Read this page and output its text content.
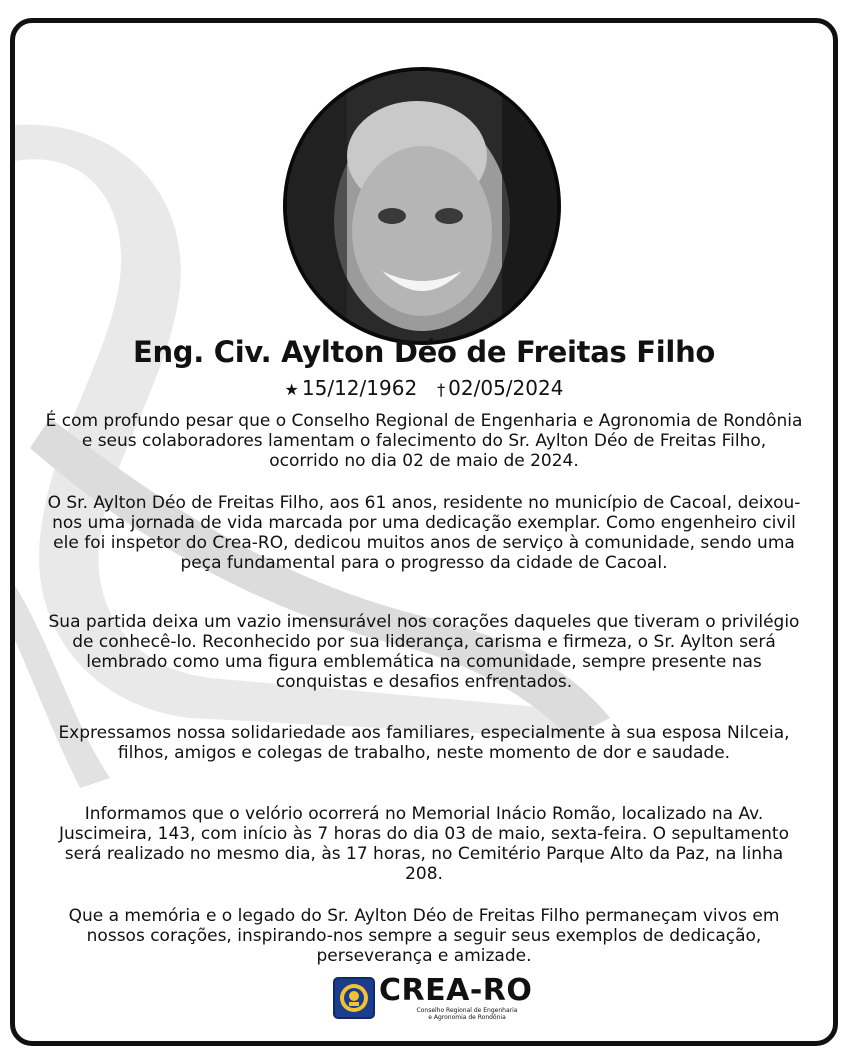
Eng. Civ. Aylton Déo de Freitas Filho
★ 15/12/1962 † 02/05/2024
É com profundo pesar que o Conselho Regional de Engenharia e Agronomia de Rondônia e seus colaboradores lamentam o falecimento do Sr. Aylton Déo de Freitas Filho, ocorrido no dia 02 de maio de 2024.
O Sr. Aylton Déo de Freitas Filho, aos 61 anos, residente no município de Cacoal, deixou-nos uma jornada de vida marcada por uma dedicação exemplar. Como engenheiro civil ele foi inspetor do Crea-RO, dedicou muitos anos de serviço à comunidade, sendo uma peça fundamental para o progresso da cidade de Cacoal.
Sua partida deixa um vazio imensurável nos corações daqueles que tiveram o privilégio de conhecê-lo. Reconhecido por sua liderança, carisma e firmeza, o Sr. Aylton será lembrado como uma figura emblemática na comunidade, sempre presente nas conquistas e desafios enfrentados.
Expressamos nossa solidariedade aos familiares, especialmente à sua esposa Nilceia, filhos, amigos e colegas de trabalho, neste momento de dor e saudade.
Informamos que o velório ocorrerá no Memorial Inácio Romão, localizado na Av. Juscimeira, 143, com início às 7 horas do dia 03 de maio, sexta-feira. O sepultamento será realizado no mesmo dia, às 17 horas, no Cemitério Parque Alto da Paz, na linha 208.
Que a memória e o legado do Sr. Aylton Déo de Freitas Filho permaneçam vivos em nossos corações, inspirando-nos sempre a seguir seus exemplos de dedicação, perseverança e amizade.
CREA-RO
Conselho Regional de Engenharia
e Agronomia de Rondônia
